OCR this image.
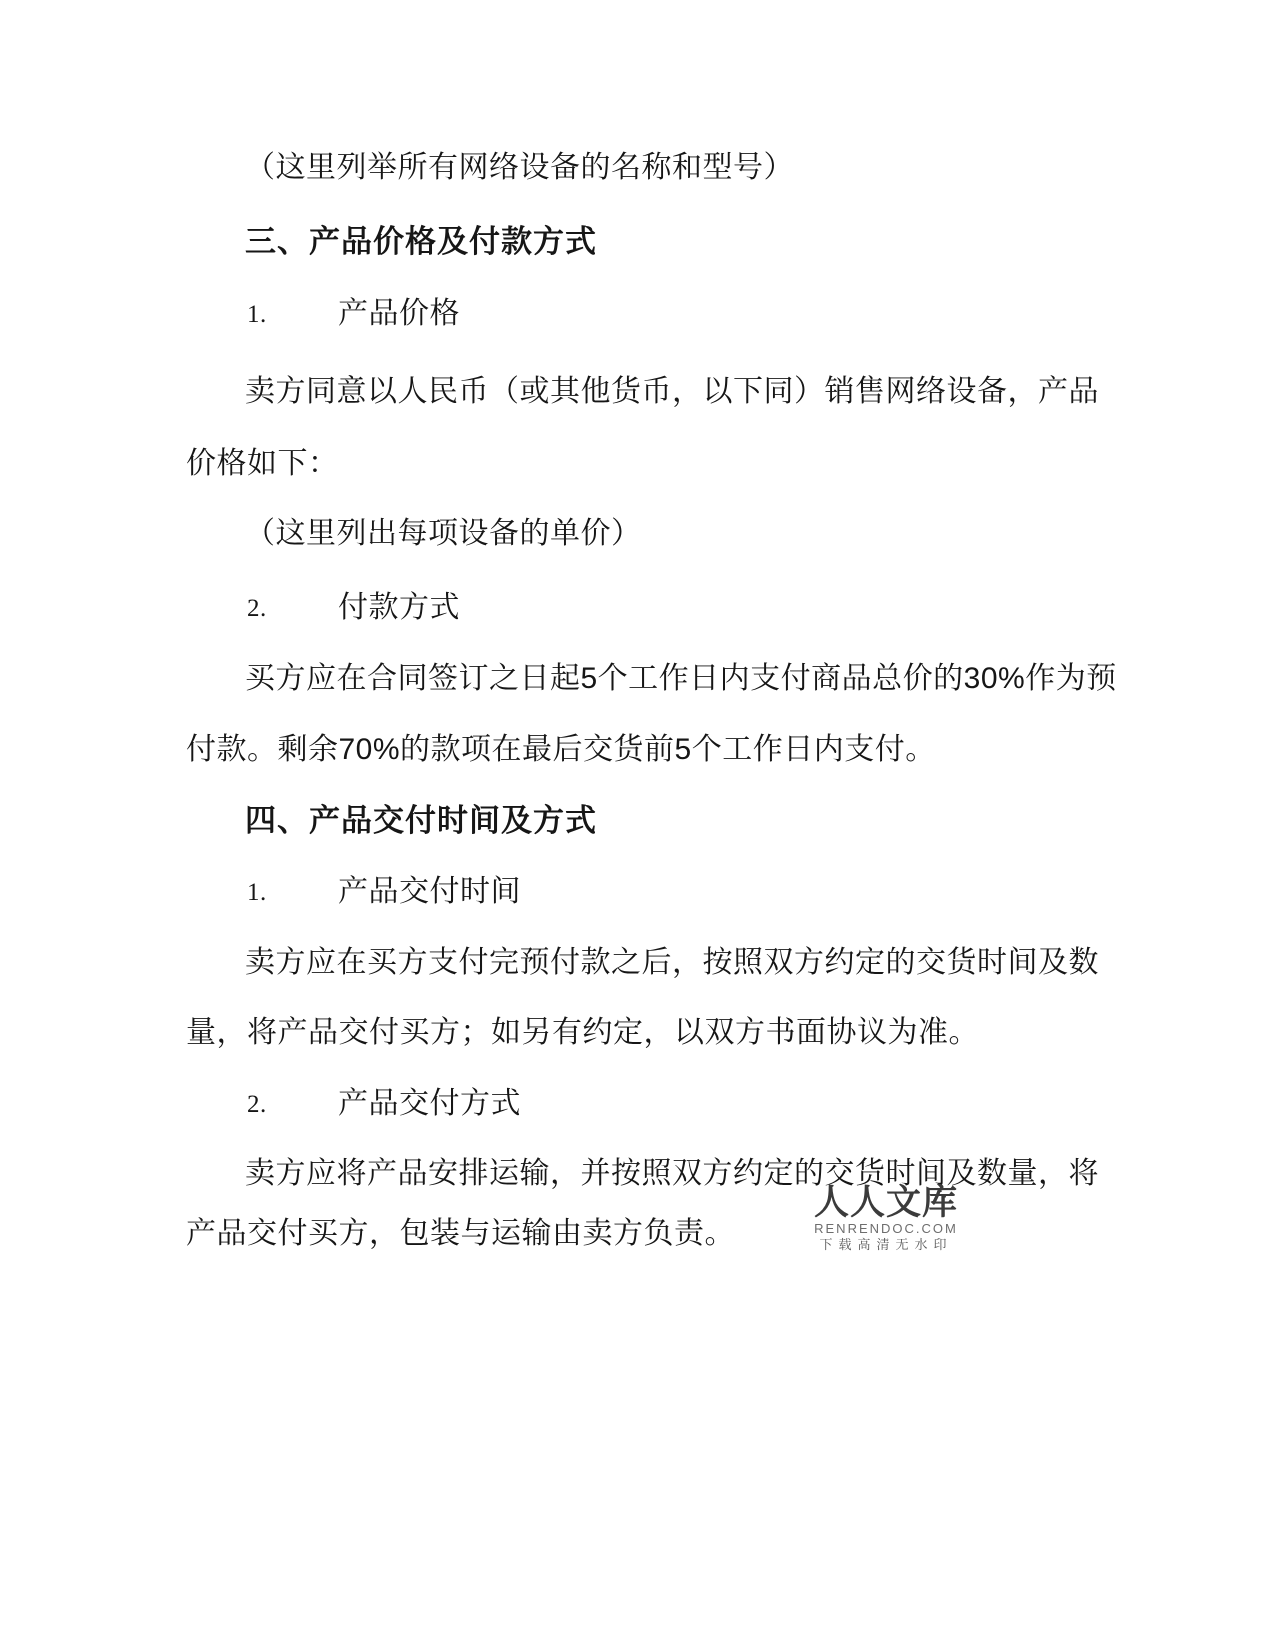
（这里列举所有网络设备的名称和型号）
三、产品价格及付款方式
1. 产品价格
卖方同意以人民币（或其他货币，以下同）销售网络设备，产品
价格如下：
（这里列出每项设备的单价）
2. 付款方式
买方应在合同签订之日起5个工作日内支付商品总价的30%作为预
付款。剩余70%的款项在最后交货前5个工作日内支付。
四、产品交付时间及方式
1. 产品交付时间
卖方应在买方支付完预付款之后，按照双方约定的交货时间及数
量，将产品交付买方；如另有约定，以双方书面协议为准。
2. 产品交付方式
卖方应将产品安排运输，并按照双方约定的交货时间及数量，将
产品交付买方，包装与运输由卖方负责。
人人文库
RENRENDOC.COM
下载高清无水印
